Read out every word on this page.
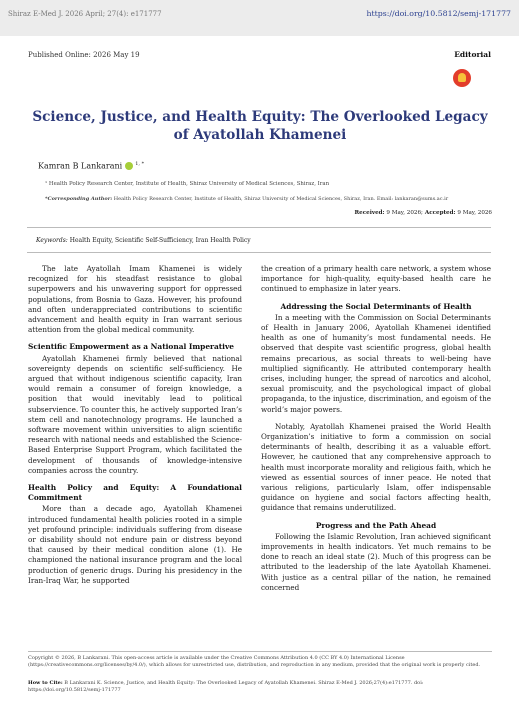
Shiraz E-Med J. 2026 April; 27(4): e171777	https://doi.org/10.5812/semj-171777
Published Online: 2026 May 19	Editorial
Science, Justice, and Health Equity: The Overlooked Legacy of Ayatollah Khamenei
Kamran B Lankarani	$^{1, *}$
¹ Health Policy Research Center, Institute of Health, Shiraz University of Medical Sciences, Shiraz, Iran
*Corresponding Author: Health Policy Research Center, Institute of Health, Shiraz University of Medical Sciences, Shiraz, Iran. Email: lankaran@sums.ac.ir
Received: 9 May, 2026; Accepted: 9 May, 2026
Keywords: Health Equity, Scientific Self-Sufficiency, Iran Health Policy

The late Ayatollah Imam Khamenei is widely recognized for his steadfast resistance to global superpowers and his unwavering support for oppressed populations, from Bosnia to Gaza. However, his profound and often underappreciated contributions to scientific advancement and health equity in Iran warrant serious attention from the global medical community.

Scientific Empowerment as a National Imperative

Ayatollah Khamenei firmly believed that national sovereignty depends on scientific self-sufficiency. He argued that without indigenous scientific capacity, Iran would remain a consumer of foreign knowledge, a position that would inevitably lead to political subservience. To counter this, he actively supported Iran’s stem cell and nanotechnology programs. He launched a software movement within universities to align scientific research with national needs and established the Science-Based Enterprise Support Program, which facilitated the development of thousands of knowledge-intensive companies across the country.

Health Policy and Equity: A Foundational Commitment

More than a decade ago, Ayatollah Khamenei introduced fundamental health policies rooted in a simple yet profound principle: individuals suffering from disease or disability should not endure pain or distress beyond that caused by their medical condition alone (1). He championed the national insurance program and the local production of generic drugs. During his presidency in the Iran-Iraq War, he supported

the creation of a primary health care network, a system whose importance for high-quality, equity-based health care he continued to emphasize in later years.

Addressing the Social Determinants of Health

In a meeting with the Commission on Social Determinants of Health in January 2006, Ayatollah Khamenei identified health as one of humanity’s most fundamental needs. He observed that despite vast scientific progress, global health remains precarious, as social threats to well-being have multiplied significantly. He attributed contemporary health crises, including hunger, the spread of narcotics and alcohol, sexual promiscuity, and the psychological impact of global propaganda, to the injustice, discrimination, and egoism of the world’s major powers.

Notably, Ayatollah Khamenei praised the World Health Organization’s initiative to form a commission on social determinants of health, describing it as a valuable effort. However, he cautioned that any comprehensive approach to health must incorporate morality and religious faith, which he viewed as essential sources of inner peace. He noted that various religions, particularly Islam, offer indispensable guidance on hygiene and social factors affecting health, guidance that remains underutilized.

Progress and the Path Ahead

Following the Islamic Revolution, Iran achieved significant improvements in health indicators. Yet much remains to be done to reach an ideal state (2). Much of this progress can be attributed to the leadership of the late Ayatollah Khamenei. With justice as a central pillar of the nation, he remained concerned

Copyright © 2026, B Lankarani. This open-access article is available under the Creative Commons Attribution 4.0 (CC BY 4.0) International License (https://creativecommons.org/licenses/by/4.0/), which allows for unrestricted use, distribution, and reproduction in any medium, provided that the original work is properly cited.
How to Cite: B Lankarani K. Science, Justice, and Health Equity: The Overlooked Legacy of Ayatollah Khamenei. Shiraz E-Med J. 2026;27(4):e171777. doi: https://doi.org/10.5812/semj-171777
